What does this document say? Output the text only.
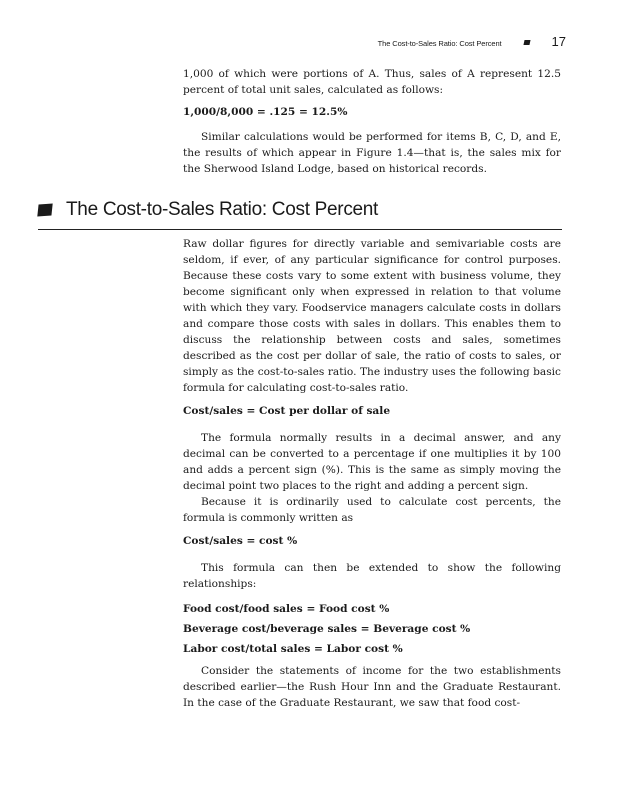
The Cost-to-Sales Ratio: Cost Percent	17

1,000 of which were portions of A. Thus, sales of A represent 12.5 percent of total unit sales, calculated as follows:

1,000/8,000 = .125 = 12.5%

Similar calculations would be performed for items B, C, D, and E, the results of which appear in Figure 1.4—that is, the sales mix for the Sherwood Island Lodge, based on historical records.

The Cost-to-Sales Ratio: Cost Percent

Raw dollar figures for directly variable and semivariable costs are seldom, if ever, of any particular significance for control purposes. Because these costs vary to some extent with business volume, they become significant only when expressed in relation to that volume with which they vary. Foodservice managers calculate costs in dollars and compare those costs with sales in dollars. This enables them to discuss the relationship between costs and sales, sometimes described as the cost per dollar of sale, the ratio of costs to sales, or simply as the cost-to-sales ratio. The industry uses the following basic formula for calculating cost-to-sales ratio.

Cost/sales = Cost per dollar of sale

The formula normally results in a decimal answer, and any decimal can be converted to a percentage if one multiplies it by 100 and adds a percent sign (%). This is the same as simply moving the decimal point two places to the right and adding a percent sign.

Because it is ordinarily used to calculate cost percents, the formula is commonly written as

Cost/sales = cost %

This formula can then be extended to show the following relationships:

Food cost/food sales = Food cost %

Beverage cost/beverage sales = Beverage cost %

Labor cost/total sales = Labor cost %

Consider the statements of income for the two establishments described earlier—the Rush Hour Inn and the Graduate Restaurant. In the case of the Graduate Restaurant, we saw that food cost-
